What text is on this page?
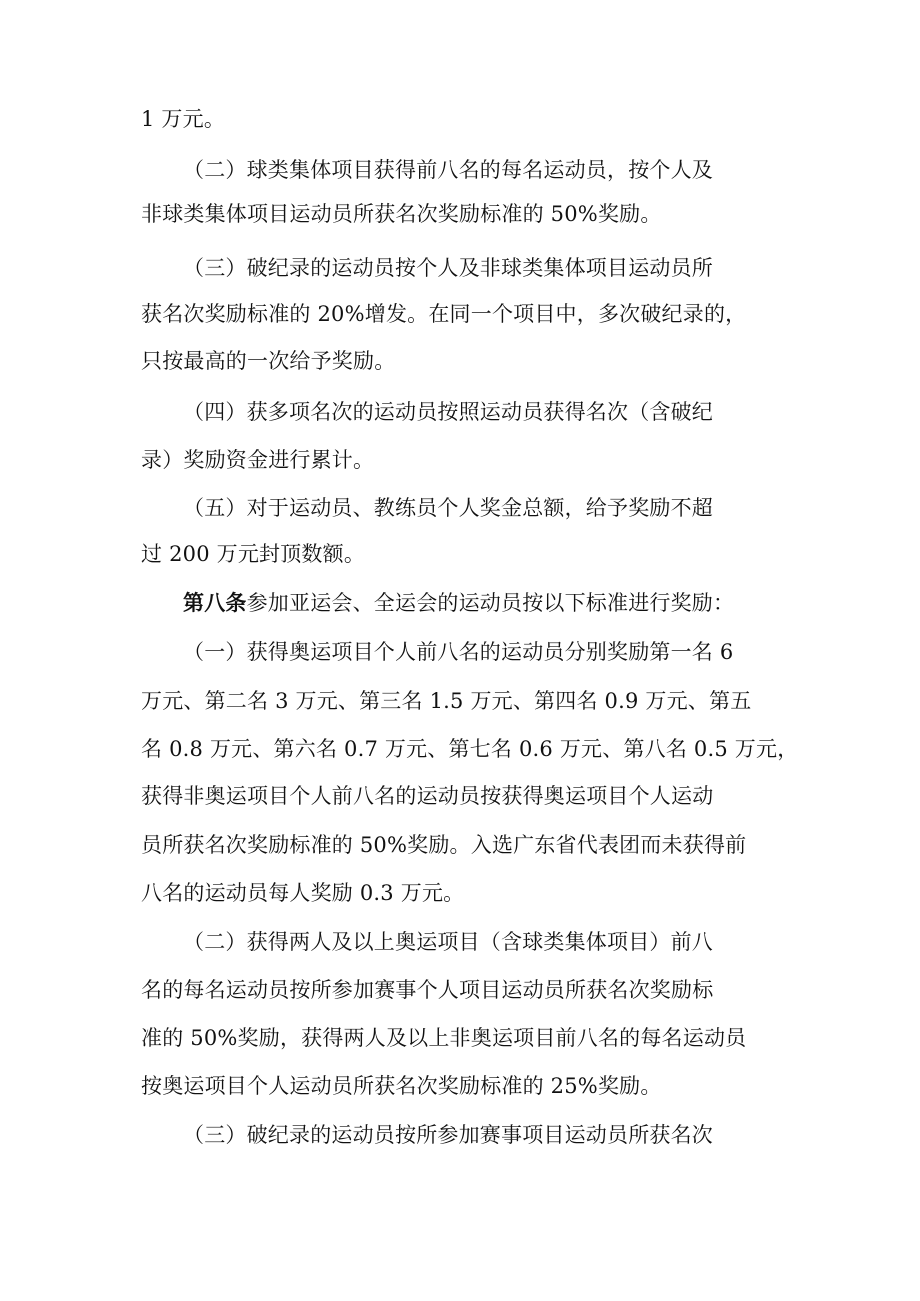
1 万元。
（二）球类集体项目获得前八名的每名运动员，按个人及
非球类集体项目运动员所获名次奖励标准的 50%奖励。
（三）破纪录的运动员按个人及非球类集体项目运动员所
获名次奖励标准的 20%增发。在同一个项目中，多次破纪录的，
只按最高的一次给予奖励。
（四）获多项名次的运动员按照运动员获得名次（含破纪
录）奖励资金进行累计。
（五）对于运动员、教练员个人奖金总额，给予奖励不超
过 200 万元封顶数额。
第八条参加亚运会、全运会的运动员按以下标准进行奖励：
（一）获得奥运项目个人前八名的运动员分别奖励第一名 6
万元、第二名 3 万元、第三名 1.5 万元、第四名 0.9 万元、第五
名 0.8 万元、第六名 0.7 万元、第七名 0.6 万元、第八名 0.5 万元，
获得非奥运项目个人前八名的运动员按获得奥运项目个人运动
员所获名次奖励标准的 50%奖励。入选广东省代表团而未获得前
八名的运动员每人奖励 0.3 万元。
（二）获得两人及以上奥运项目（含球类集体项目）前八
名的每名运动员按所参加赛事个人项目运动员所获名次奖励标
准的 50%奖励，获得两人及以上非奥运项目前八名的每名运动员
按奥运项目个人运动员所获名次奖励标准的 25%奖励。
（三）破纪录的运动员按所参加赛事项目运动员所获名次
